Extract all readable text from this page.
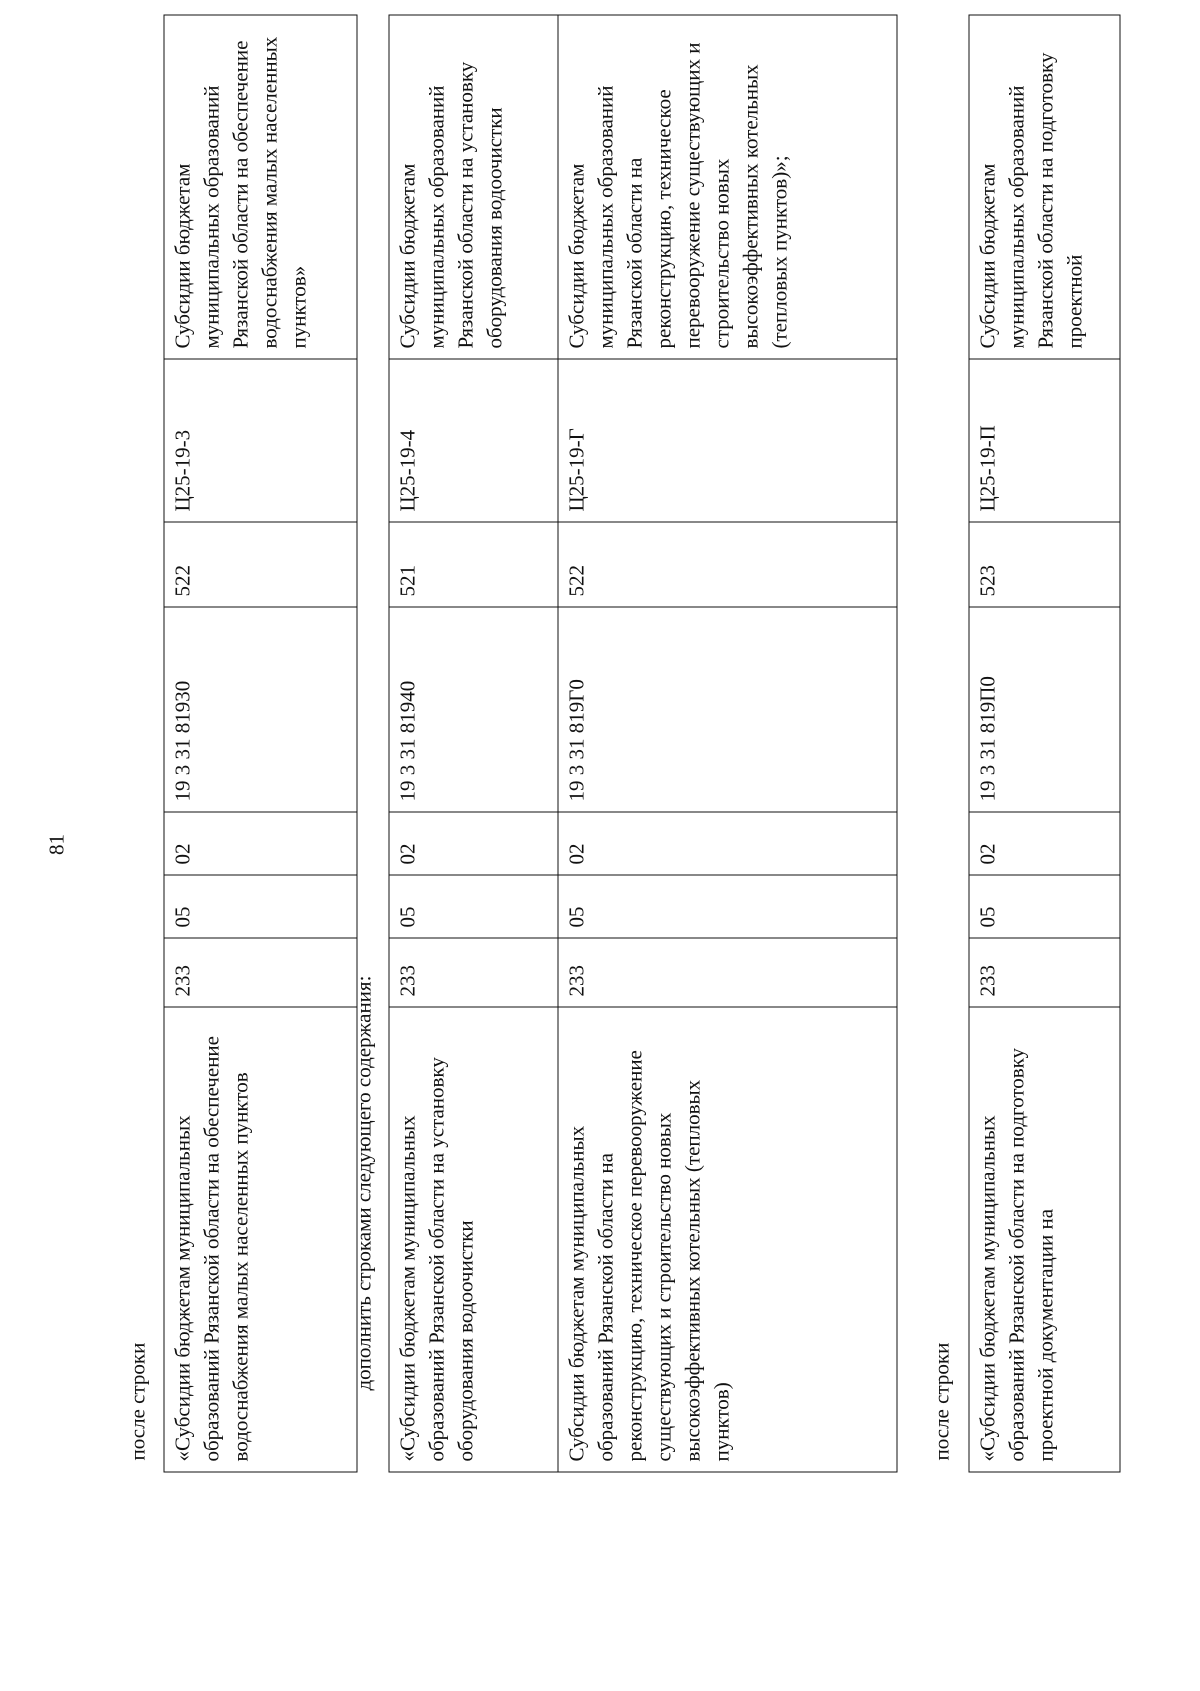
81
после строки «Субсидии бюджетам муниципальных образований Рязанской области на обеспечение водоснабжения малых населенных пунктов	233	05	02	19 3 31 81930	522	Ц25-19-3	Субсидии бюджетам муниципальных образований Рязанской области на обеспечение водоснабжения малых населенных пунктов»
дополнить строками следующего содержания: «Субсидии бюджетам муниципальных образований Рязанской области на установку оборудования водоочистки	233	05	02	19 3 31 81940	521	Ц25-19-4	Субсидии бюджетам муниципальных образований Рязанской области на установку оборудования водоочистки
Субсидии бюджетам муниципальных образований Рязанской области на реконструкцию, техническое перевооружение существующих и строительство новых высокоэффективных котельных (тепловых пунктов)	233	05	02	19 3 31 819Г0	522	Ц25-19-Г	Субсидии бюджетам муниципальных образований Рязанской области на реконструкцию, техническое перевооружение существующих и строительство новых высокоэффективных котельных (тепловых пунктов)»;
после строки «Субсидии бюджетам муниципальных образований Рязанской области на подготовку проектной документации на	233	05	02	19 3 31 819П0	523	Ц25-19-П	Субсидии бюджетам муниципальных образований Рязанской области на подготовку проектной
